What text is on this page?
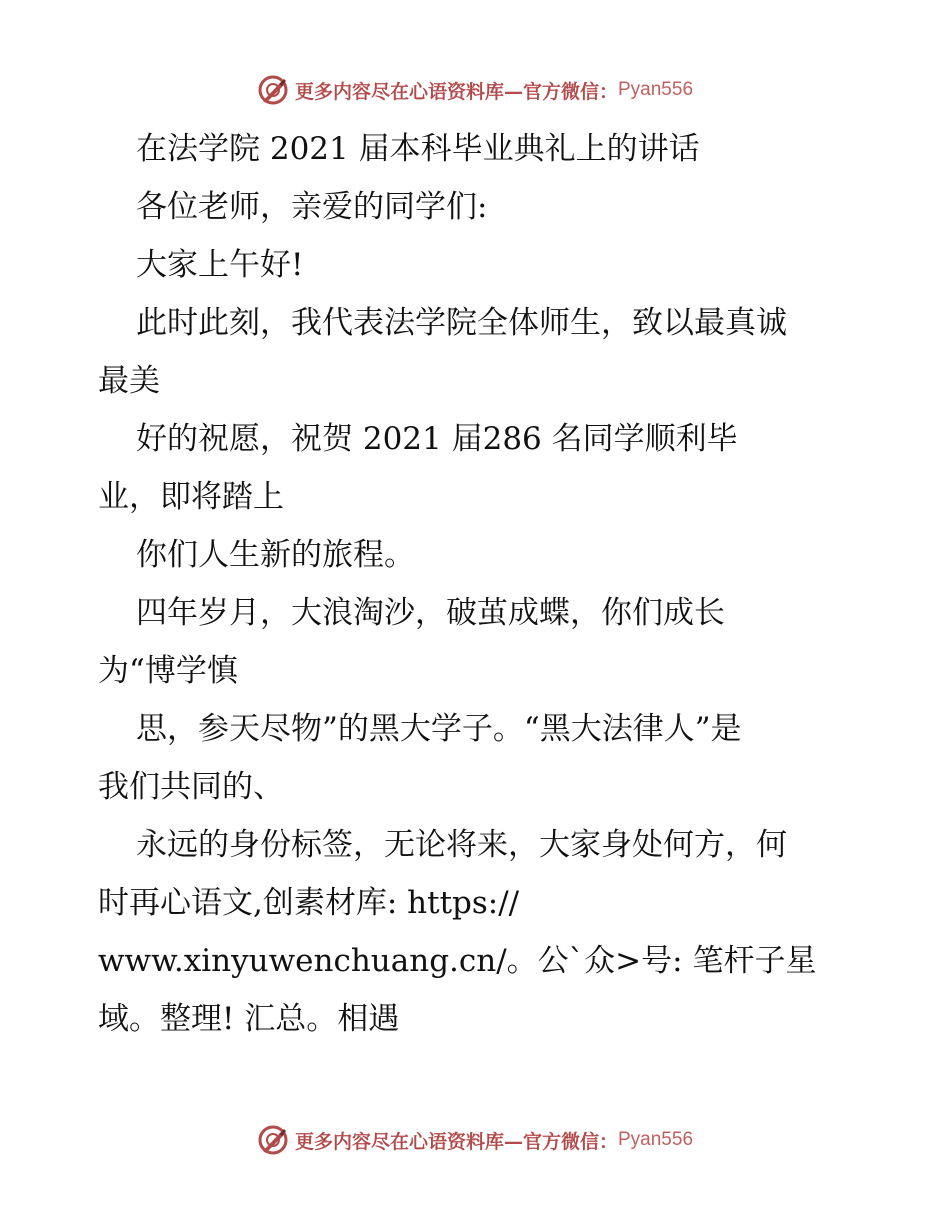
更多内容尽在心语资料库—官方微信： Pyan556
在法学院 2021 届本科毕业典礼上的讲话
各位老师，亲爱的同学们:
大家上午好!
此时此刻，我代表法学院全体师生，致以最真诚
最美
好的祝愿，祝贺 2021 届286 名同学顺利毕
业，即将踏上
你们人生新的旅程。
四年岁月，大浪淘沙，破茧成蝶，你们成长
为“博学慎
思，参天尽物”的黑大学子。“黑大法律人”是
我们共同的、
永远的身份标签，无论将来，大家身处何方，何
时再心语文,创素材库: https://
www.xinyuwenchuang.cn/。公`众>号: 笔杆子星
域。整理! 汇总。相遇
更多内容尽在心语资料库—官方微信： Pyan556
